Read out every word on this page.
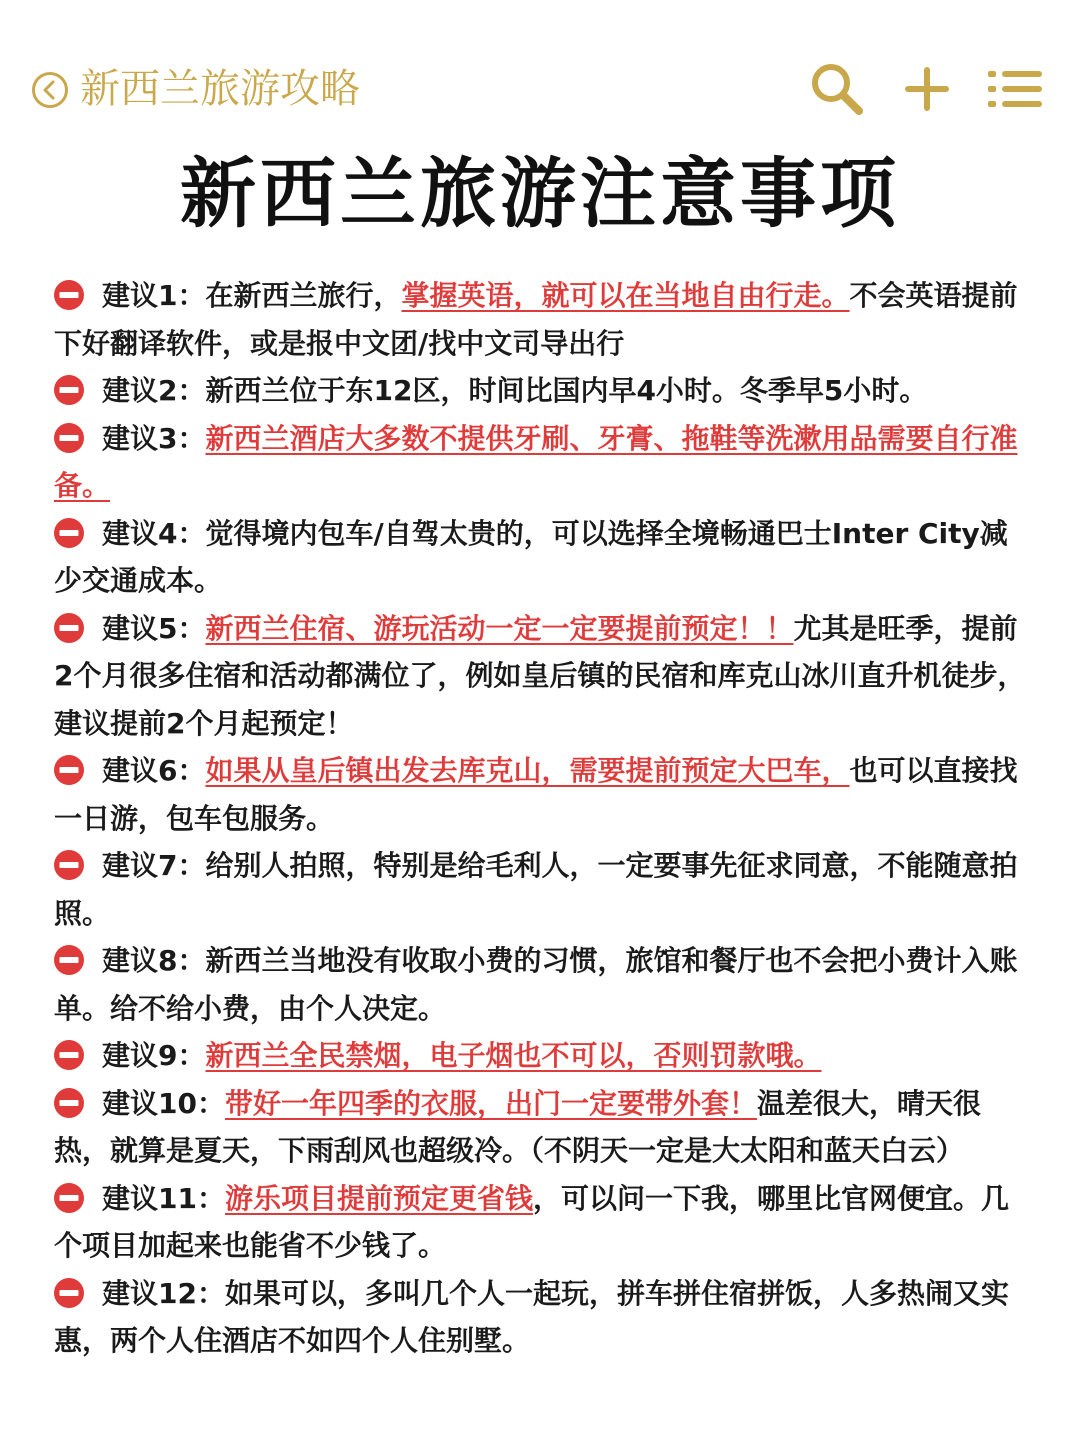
新西兰旅游攻略
新西兰旅游注意事项
建议1：在新西兰旅行，掌握英语，就可以在当地自由行走。不会英语提前下好翻译软件，或是报中文团/找中文司导出行
建议2：新西兰位于东12区，时间比国内早4小时。冬季早5小时。
建议3：新西兰酒店大多数不提供牙刷、牙膏、拖鞋等洗漱用品需要自行准备。
建议4：觉得境内包车/自驾太贵的，可以选择全境畅通巴士Inter City减少交通成本。
建议5：新西兰住宿、游玩活动一定一定要提前预定！！尤其是旺季，提前2个月很多住宿和活动都满位了，例如皇后镇的民宿和库克山冰川直升机徒步，建议提前2个月起预定！
建议6：如果从皇后镇出发去库克山，需要提前预定大巴车，也可以直接找一日游，包车包服务。
建议7：给别人拍照，特别是给毛利人，一定要事先征求同意，不能随意拍照。
建议8：新西兰当地没有收取小费的习惯，旅馆和餐厅也不会把小费计入账单。给不给小费，由个人决定。
建议9：新西兰全民禁烟，电子烟也不可以，否则罚款哦。
建议10：带好一年四季的衣服，出门一定要带外套！温差很大，晴天很热，就算是夏天，下雨刮风也超级冷。（不阴天一定是大太阳和蓝天白云）
建议11：游乐项目提前预定更省钱，可以问一下我，哪里比官网便宜。几个项目加起来也能省不少钱了。
建议12：如果可以，多叫几个人一起玩，拼车拼住宿拼饭，人多热闹又实惠，两个人住酒店不如四个人住别墅。
